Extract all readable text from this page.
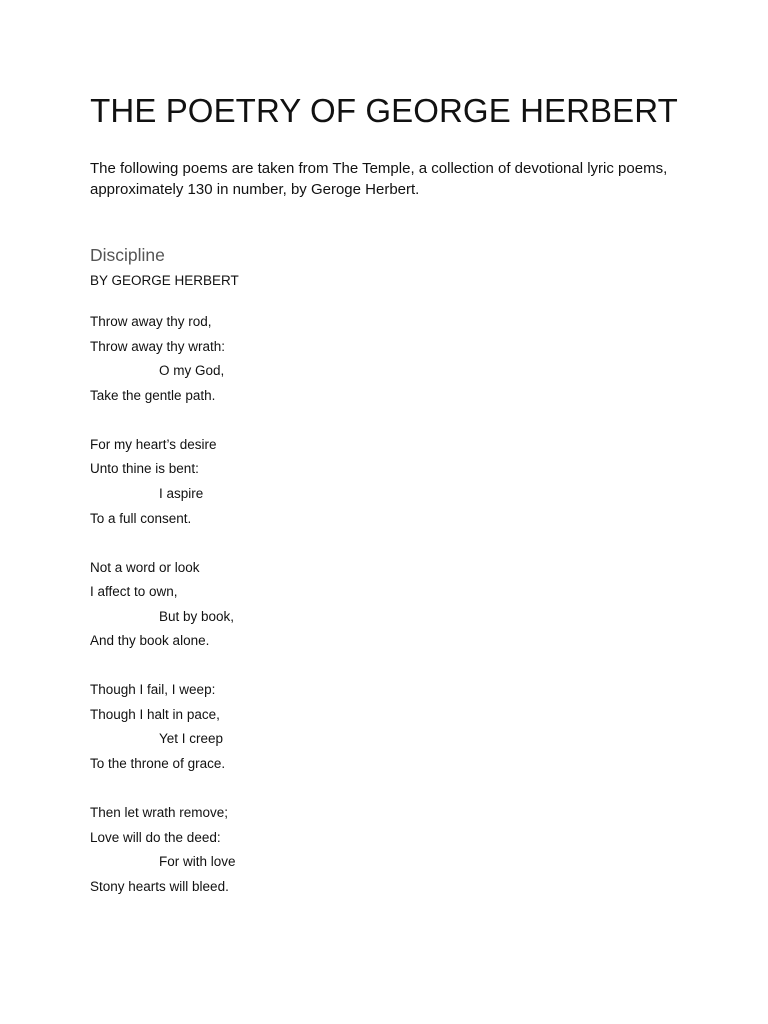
THE POETRY OF GEORGE HERBERT

The following poems are taken from The Temple, a collection of devotional lyric poems, approximately 130 in number, by Geroge Herbert.

Discipline
BY GEORGE HERBERT
Throw away thy rod,
Throw away thy wrath:
O my God,
Take the gentle path.
For my heart’s desire
Unto thine is bent:
I aspire
To a full consent.
Not a word or look
I affect to own,
But by book,
And thy book alone.
Though I fail, I weep:
Though I halt in pace,
Yet I creep
To the throne of grace.
Then let wrath remove;
Love will do the deed:
For with love
Stony hearts will bleed.
